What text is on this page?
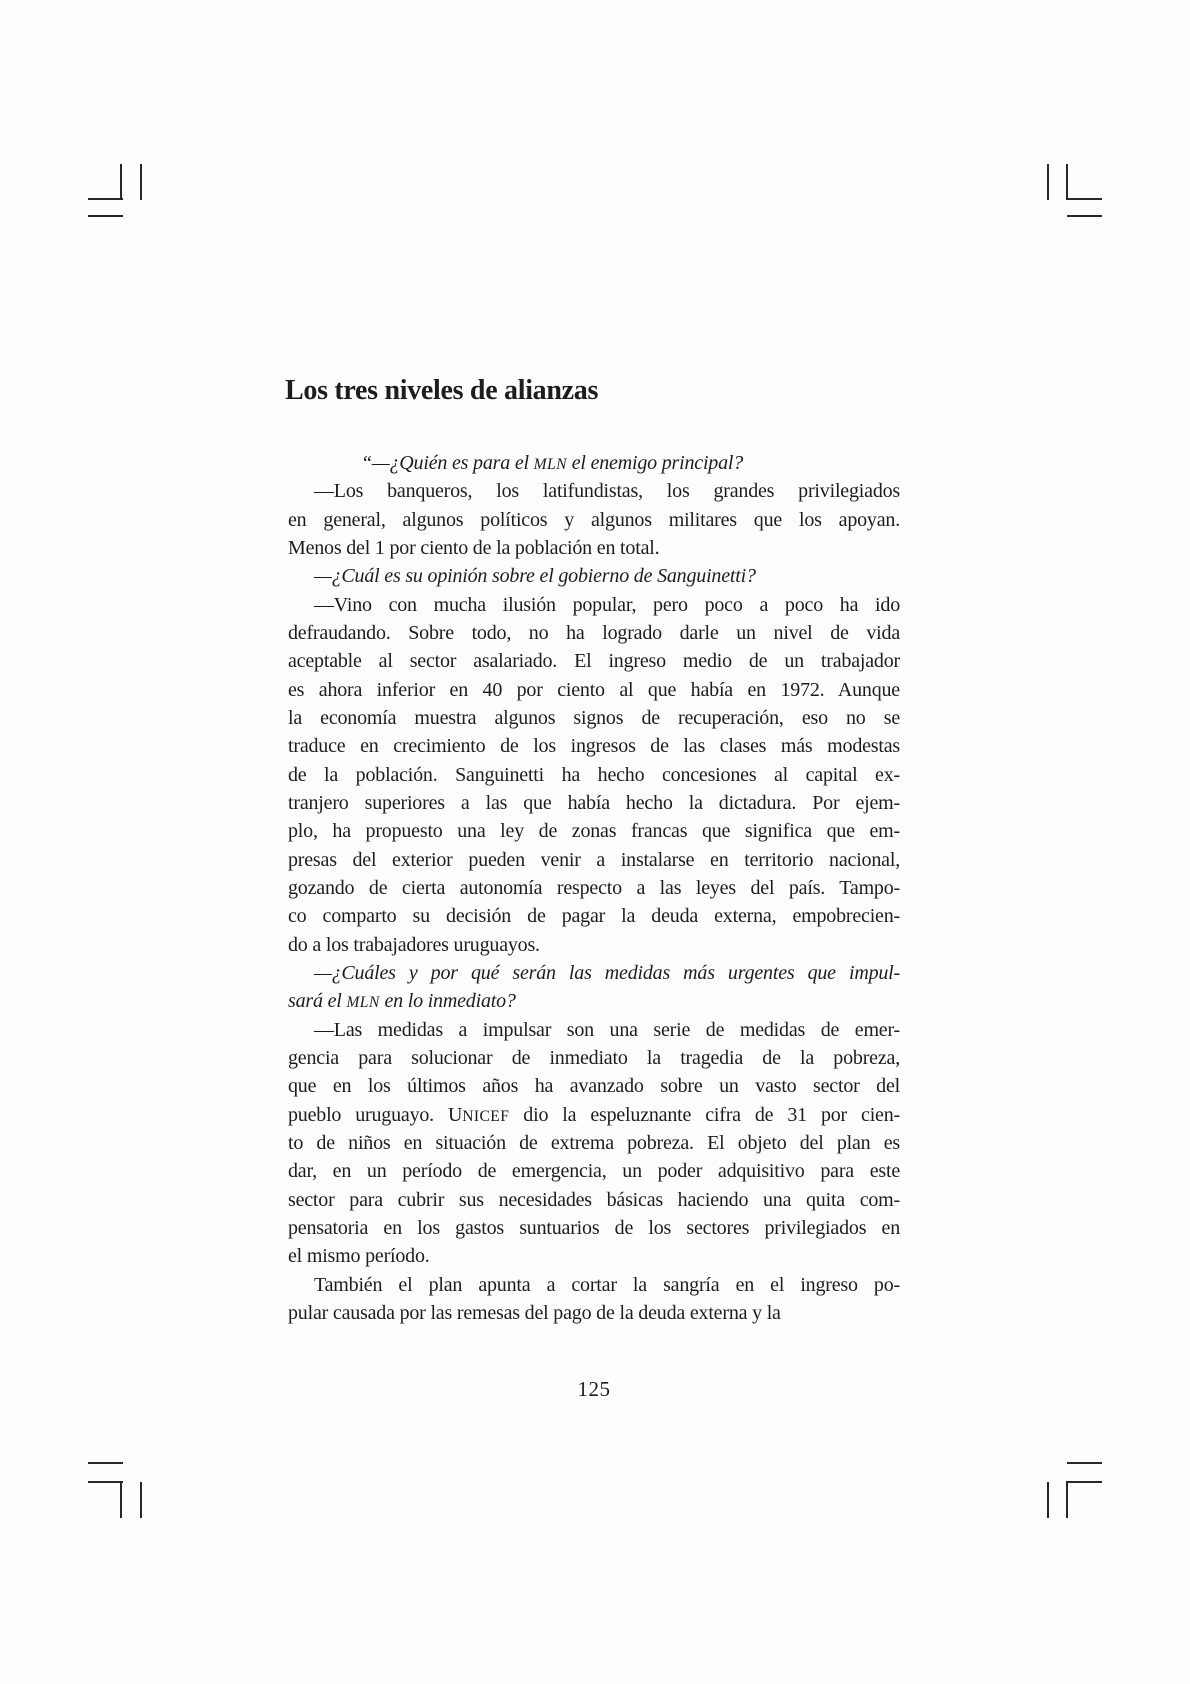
Los tres niveles de alianzas
“—¿Quién es para el MLN el enemigo principal?
—Los banqueros, los latifundistas, los grandes privilegiados
en general, algunos políticos y algunos militares que los apoyan.
Menos del 1 por ciento de la población en total.
—¿Cuál es su opinión sobre el gobierno de Sanguinetti?
—Vino con mucha ilusión popular, pero poco a poco ha ido
defraudando. Sobre todo, no ha logrado darle un nivel de vida
aceptable al sector asalariado. El ingreso medio de un trabajador
es ahora inferior en 40 por ciento al que había en 1972. Aunque
la economía muestra algunos signos de recuperación, eso no se
traduce en crecimiento de los ingresos de las clases más modestas
de la población. Sanguinetti ha hecho concesiones al capital ex-
tranjero superiores a las que había hecho la dictadura. Por ejem-
plo, ha propuesto una ley de zonas francas que significa que em-
presas del exterior pueden venir a instalarse en territorio nacional,
gozando de cierta autonomía respecto a las leyes del país. Tampo-
co comparto su decisión de pagar la deuda externa, empobrecien-
do a los trabajadores uruguayos.
—¿Cuáles y por qué serán las medidas más urgentes que impul-
sará el MLN en lo inmediato?
—Las medidas a impulsar son una serie de medidas de emer-
gencia para solucionar de inmediato la tragedia de la pobreza,
que en los últimos años ha avanzado sobre un vasto sector del
pueblo uruguayo. UNICEF dio la espeluznante cifra de 31 por cien-
to de niños en situación de extrema pobreza. El objeto del plan es
dar, en un período de emergencia, un poder adquisitivo para este
sector para cubrir sus necesidades básicas haciendo una quita com-
pensatoria en los gastos suntuarios de los sectores privilegiados en
el mismo período.
También el plan apunta a cortar la sangría en el ingreso po-
pular causada por las remesas del pago de la deuda externa y la
125
